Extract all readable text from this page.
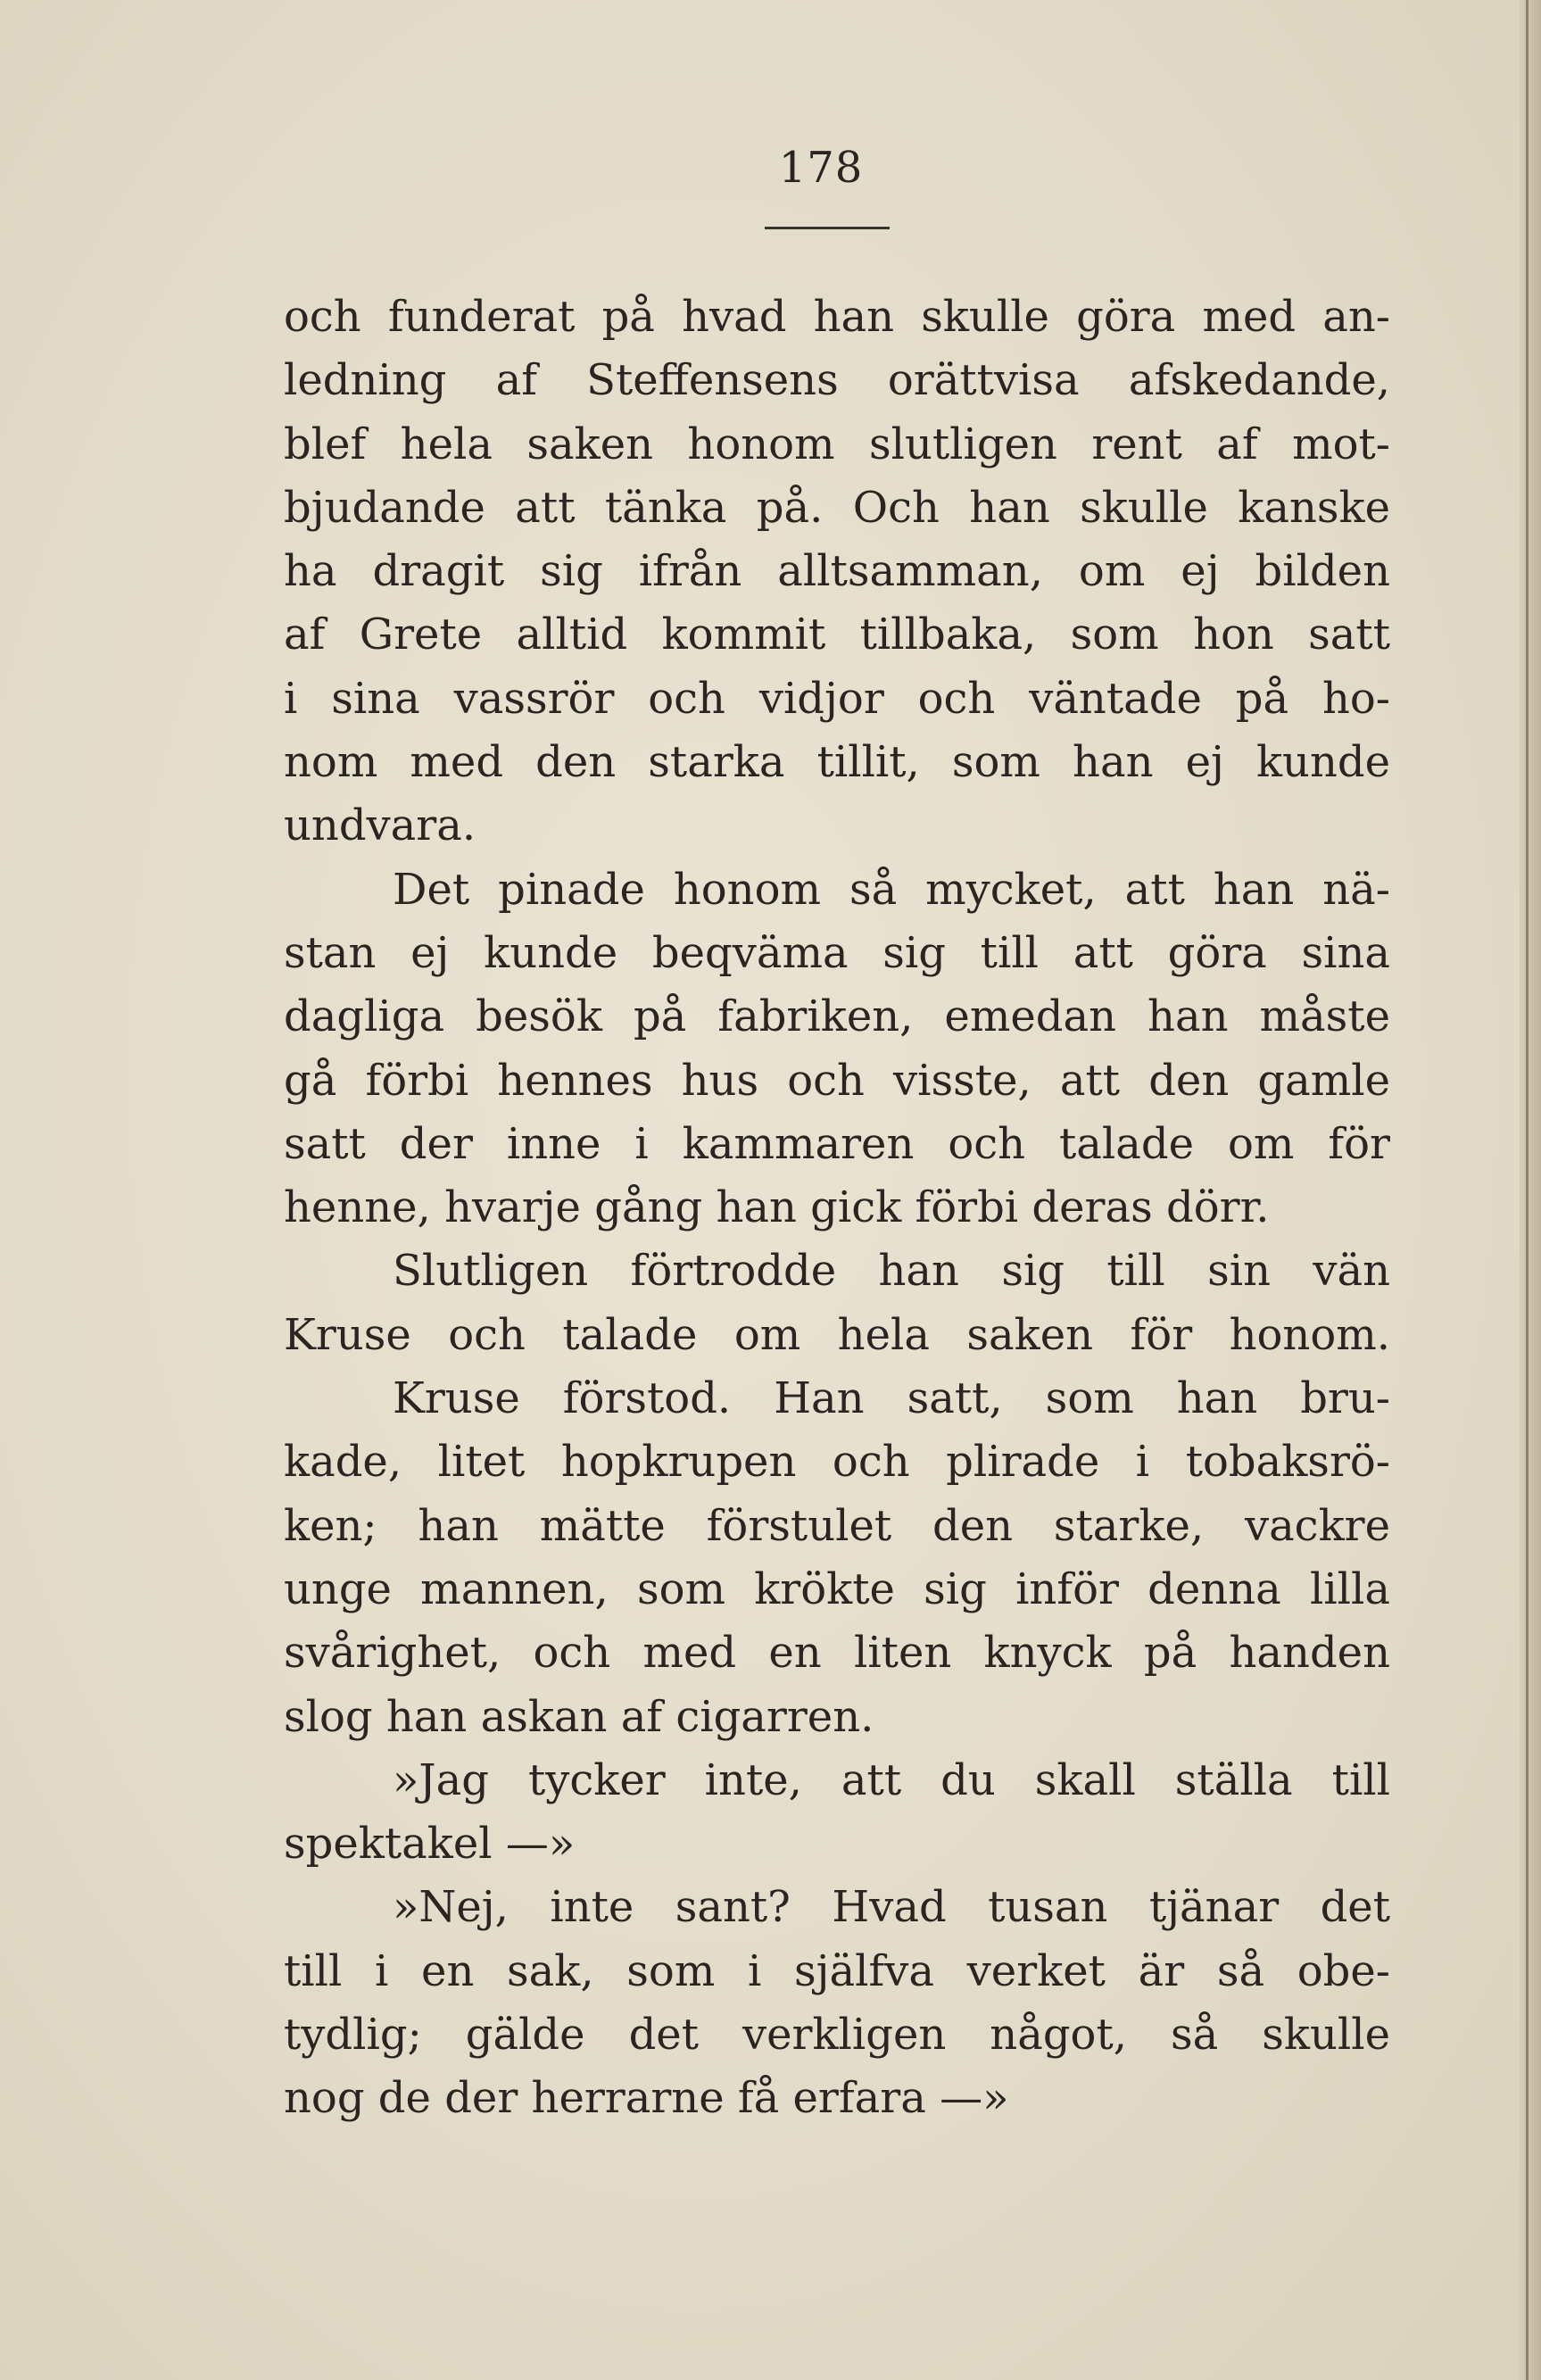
178
och funderat på hvad han skulle göra med an-
ledning af Steffensens orättvisa afskedande,
blef hela saken honom slutligen rent af mot-
bjudande att tänka på. Och han skulle kanske
ha dragit sig ifrån alltsamman, om ej bilden
af Grete alltid kommit tillbaka, som hon satt
i sina vassrör och vidjor och väntade på ho-
nom med den starka tillit, som han ej kunde
undvara.
Det pinade honom så mycket, att han nä-
stan ej kunde beqväma sig till att göra sina
dagliga besök på fabriken, emedan han måste
gå förbi hennes hus och visste, att den gamle
satt der inne i kammaren och talade om för
henne, hvarje gång han gick förbi deras dörr.
Slutligen förtrodde han sig till sin vän
Kruse och talade om hela saken för honom.
Kruse förstod. Han satt, som han bru-
kade, litet hopkrupen och plirade i tobaksrö-
ken; han mätte förstulet den starke, vackre
unge mannen, som krökte sig inför denna lilla
svårighet, och med en liten knyck på handen
slog han askan af cigarren.
»Jag tycker inte, att du skall ställa till
spektakel —»
»Nej, inte sant? Hvad tusan tjänar det
till i en sak, som i själfva verket är så obe-
tydlig; gälde det verkligen något, så skulle
nog de der herrarne få erfara —»
